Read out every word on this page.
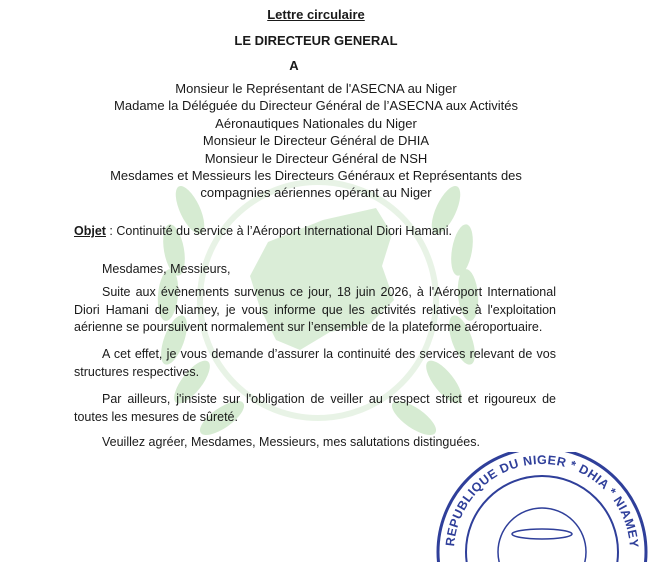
Lettre circulaire
LE DIRECTEUR GENERAL
A
Monsieur le Représentant de l'ASECNA au Niger
Madame la Déléguée du Directeur Général de l’ASECNA aux Activités
Aéronautiques Nationales du Niger
Monsieur le Directeur Général de DHIA
Monsieur le Directeur Général de NSH
Mesdames et Messieurs les Directeurs Généraux et Représentants des
compagnies aériennes opérant au Niger
Objet : Continuité du service à l’Aéroport International Diori Hamani.
Mesdames, Messieurs,
Suite aux évènements survenus ce jour, 18 juin 2026, à l'Aéroport International Diori Hamani de Niamey, je vous informe que les activités relatives à l'exploitation aérienne se poursuivent normalement sur l’ensemble de la plateforme aéroportuaire.
A cet effet, je vous demande d’assurer la continuité des services relevant de vos structures respectives.
Par ailleurs, j'insiste sur l'obligation de veiller au respect strict et rigoureux de toutes les mesures de sûreté.
Veuillez agréer, Mesdames, Messieurs, mes salutations distinguées.
REPUBLIQUE DU NIGER * DHIA * NIAMEY
